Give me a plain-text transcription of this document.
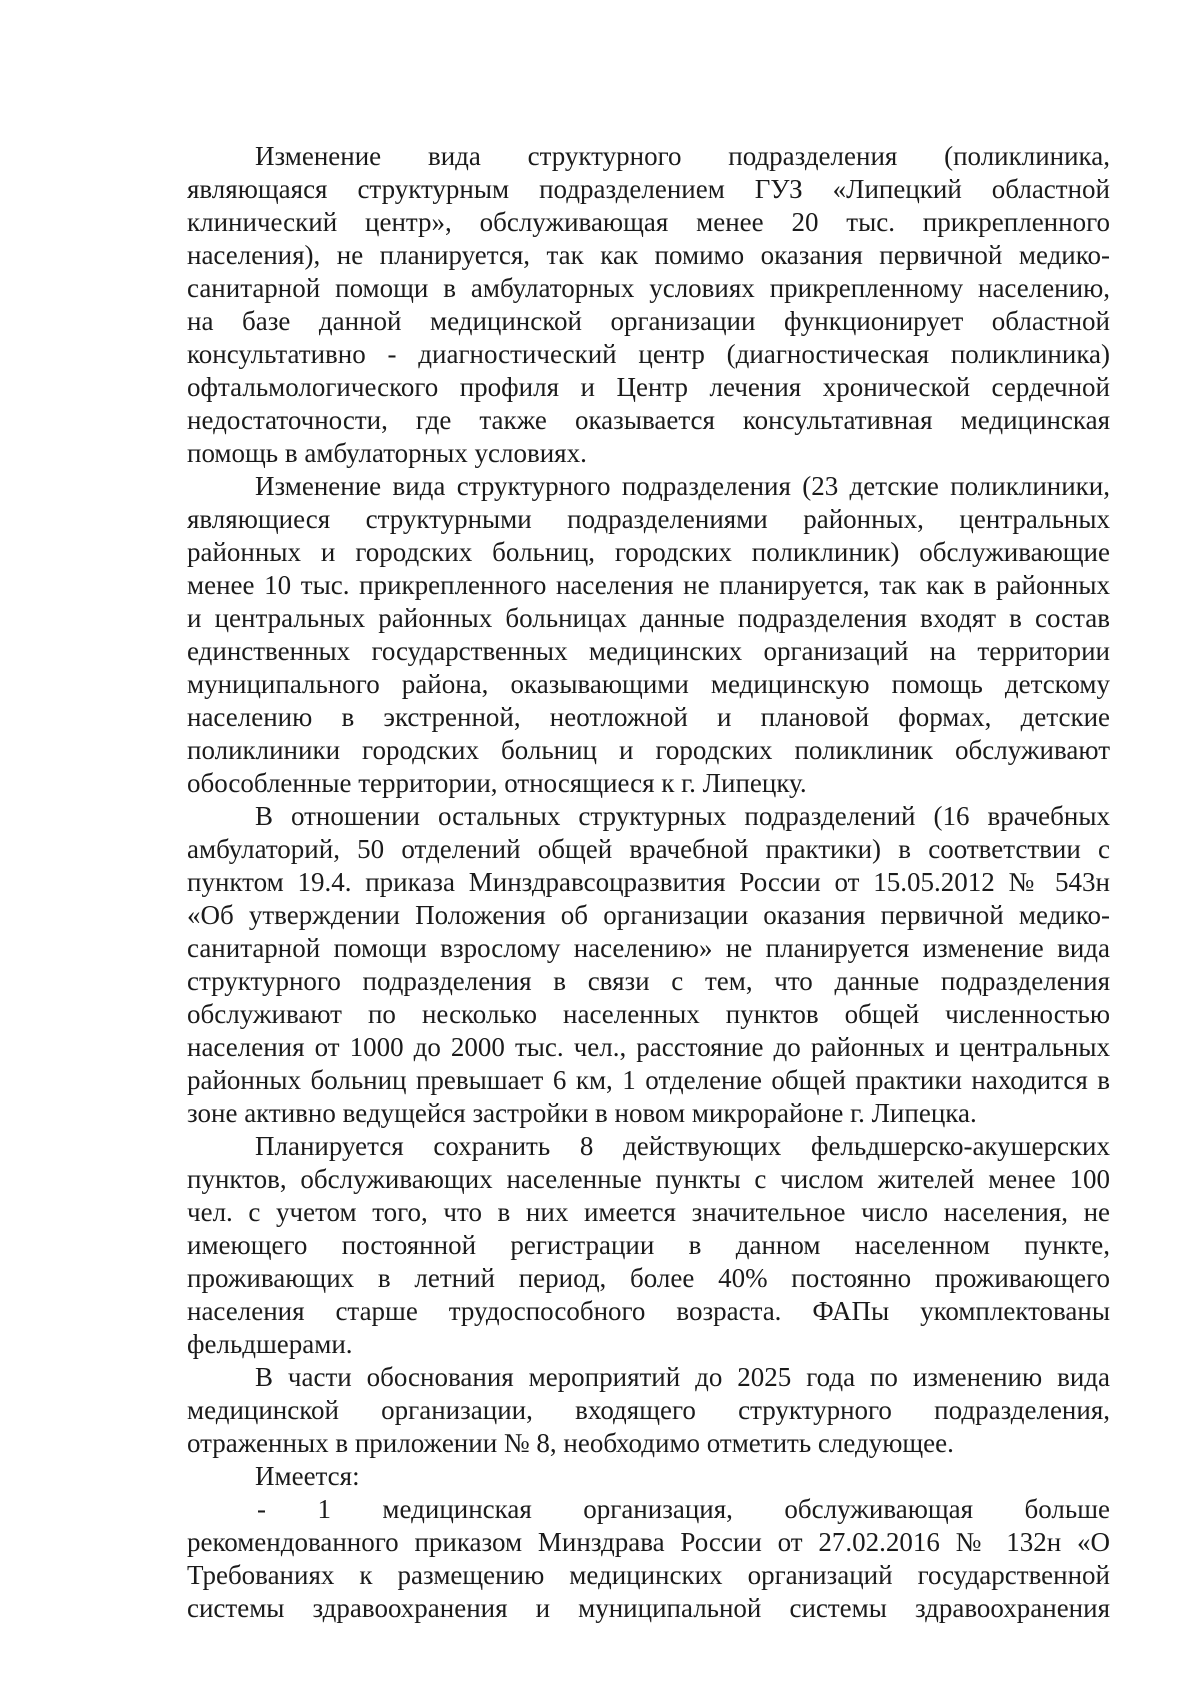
Изменение вида структурного подразделения (поликлиника,
являющаяся структурным подразделением ГУЗ «Липецкий областной
клинический центр», обслуживающая менее 20 тыс. прикрепленного
населения), не планируется, так как помимо оказания первичной медико-
санитарной помощи в амбулаторных условиях прикрепленному населению,
на базе данной медицинской организации функционирует областной
консультативно - диагностический центр (диагностическая поликлиника)
офтальмологического профиля и Центр лечения хронической сердечной
недостаточности, где также оказывается консультативная медицинская
помощь в амбулаторных условиях.
Изменение вида структурного подразделения (23 детские поликлиники,
являющиеся структурными подразделениями районных, центральных
районных и городских больниц, городских поликлиник) обслуживающие
менее 10 тыс. прикрепленного населения не планируется, так как в районных
и центральных районных больницах данные подразделения входят в состав
единственных государственных медицинских организаций на территории
муниципального района, оказывающими медицинскую помощь детскому
населению в экстренной, неотложной и плановой формах, детские
поликлиники городских больниц и городских поликлиник обслуживают
обособленные территории, относящиеся к г. Липецку.
В отношении остальных структурных подразделений (16 врачебных
амбулаторий, 50 отделений общей врачебной практики) в соответствии с
пунктом 19.4. приказа Минздравсоцразвития России от 15.05.2012 № 543н
«Об утверждении Положения об организации оказания первичной медико-
санитарной помощи взрослому населению» не планируется изменение вида
структурного подразделения в связи с тем, что данные подразделения
обслуживают по несколько населенных пунктов общей численностью
населения от 1000 до 2000 тыс. чел., расстояние до районных и центральных
районных больниц превышает 6 км, 1 отделение общей практики находится в
зоне активно ведущейся застройки в новом микрорайоне г. Липецка.
Планируется сохранить 8 действующих фельдшерско-акушерских
пунктов, обслуживающих населенные пункты с числом жителей менее 100
чел. с учетом того, что в них имеется значительное число населения, не
имеющего постоянной регистрации в данном населенном пункте,
проживающих в летний период, более 40% постоянно проживающего
населения старше трудоспособного возраста. ФАПы укомплектованы
фельдшерами.
В части обоснования мероприятий до 2025 года по изменению вида
медицинской организации, входящего структурного подразделения,
отраженных в приложении № 8, необходимо отметить следующее.
Имеется:
- 1 медицинская организация, обслуживающая больше
рекомендованного приказом Минздрава России от 27.02.2016 № 132н «О
Требованиях к размещению медицинских организаций государственной
системы здравоохранения и муниципальной системы здравоохранения
